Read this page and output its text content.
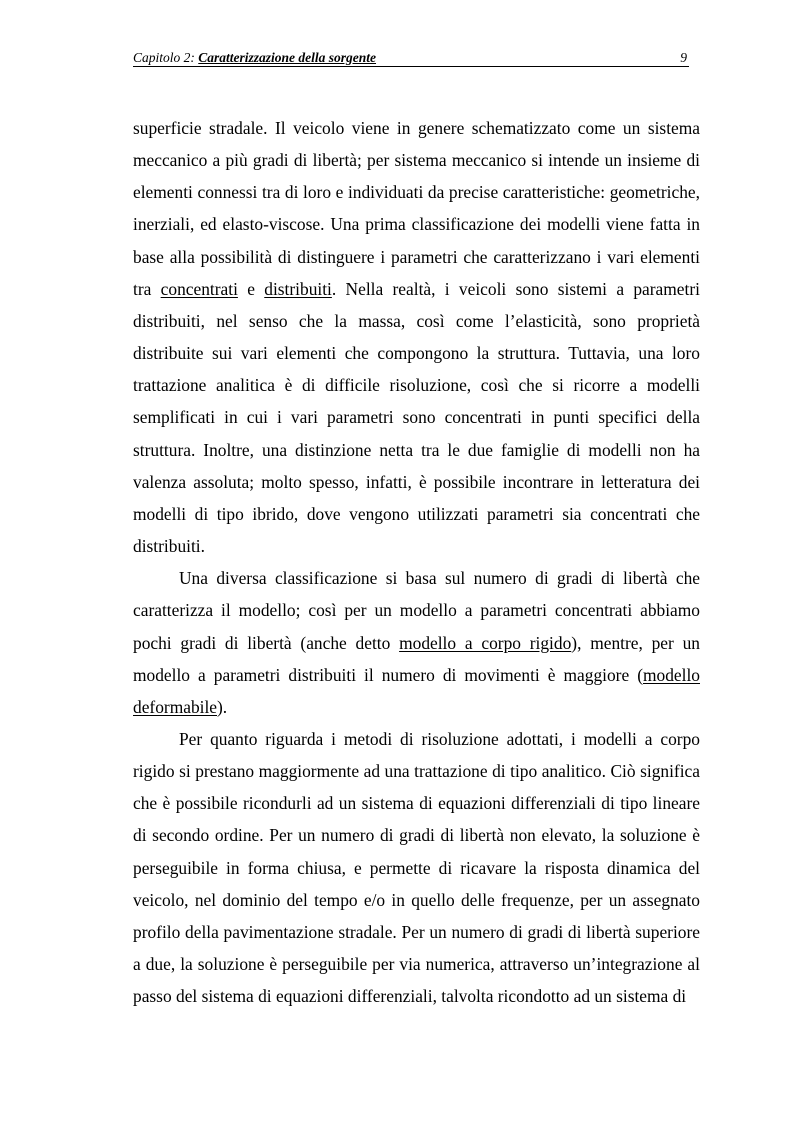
Capitolo 2: Caratterizzazione della sorgente	9

superficie stradale. Il veicolo viene in genere schematizzato come un sistema meccanico a più gradi di libertà; per sistema meccanico si intende un insieme di elementi connessi tra di loro e individuati da precise caratteristiche: geometriche, inerziali, ed elasto-viscose. Una prima classificazione dei modelli viene fatta in base alla possibilità di distinguere i parametri che caratterizzano i vari elementi tra concentrati e distribuiti. Nella realtà, i veicoli sono sistemi a parametri distribuiti, nel senso che la massa, così come l’elasticità, sono proprietà distribuite sui vari elementi che compongono la struttura. Tuttavia, una loro trattazione analitica è di difficile risoluzione, così che si ricorre a modelli semplificati in cui i vari parametri sono concentrati in punti specifici della struttura. Inoltre, una distinzione netta tra le due famiglie di modelli non ha valenza assoluta; molto spesso, infatti, è possibile incontrare in letteratura dei modelli di tipo ibrido, dove vengono utilizzati parametri sia concentrati che distribuiti.

Una diversa classificazione si basa sul numero di gradi di libertà che caratterizza il modello; così per un modello a parametri concentrati abbiamo pochi gradi di libertà (anche detto modello a corpo rigido), mentre, per un modello a parametri distribuiti il numero di movimenti è maggiore (modello deformabile).

Per quanto riguarda i metodi di risoluzione adottati, i modelli a corpo rigido si prestano maggiormente ad una trattazione di tipo analitico. Ciò significa che è possibile ricondurli ad un sistema di equazioni differenziali di tipo lineare di secondo ordine. Per un numero di gradi di libertà non elevato, la soluzione è perseguibile in forma chiusa, e permette di ricavare la risposta dinamica del veicolo, nel dominio del tempo e/o in quello delle frequenze, per un assegnato profilo della pavimentazione stradale. Per un numero di gradi di libertà superiore a due, la soluzione è perseguibile per via numerica, attraverso un’integrazione al passo del sistema di equazioni differenziali, talvolta ricondotto ad un sistema di
